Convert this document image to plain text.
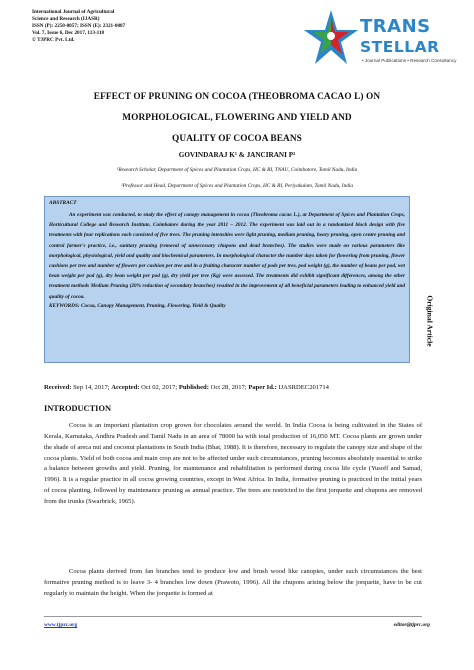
International Journal of Agricultural
Science and Research (IJASR)
ISSN (P): 2250-0057; ISSN (E): 2321-0087
Vol. 7, Issue 6, Dec 2017, 113-118
© TJPRC Pvt. Ltd.
TRANS
STELLAR
• Journal Publications • Research Consultancy
EFFECT OF PRUNING ON COCOA (THEOBROMA CACAO L) ON
MORPHOLOGICAL, FLOWERING AND YIELD AND
QUALITY OF COCOA BEANS
GOVINDARAJ K¹ & JANCIRANI P²
¹Research Scholar, Department of Spices and Plantation Crops, HC & RI, TNAU, Coimbatore, Tamil Nadu, India
²Professor and Head, Department of Spices and Plantation Crops, HC & RI, Periyakulam, Tamil Nadu, India
ABSTRACT
An experiment was conducted, to study the effect of canopy management in cocoa (Theobroma cacao L.), at Department of Spices and Plantation Crops, Horticultural College and Research Institute, Coimbatore during the year 2011 – 2012. The experiment was laid out in a randomized block design with five treatments with four replications each consisted of five trees. The pruning intensities were light pruning, medium pruning, heavy pruning, open centre pruning and control farmer's practice, i.e., sanitary pruning (removal of unnecessary chupons and dead branches). The studies were made on various parameters like morphological, physiological, yield and quality and biochemical parameters. In morphological character the number days taken for flowering from pruning, flower cushions per tree and number of flowers per cushion per tree and in a fruiting character number of pods per tree, pod weight (g), the number of beans per pod, wet bean weight per pod (g), dry bean weight per pod (g), dry yield per tree (Kg) were assessed. The treatments did exhibit significant differences, among the other treatment methods Medium Pruning (20% reduction of secondary branches) resulted in the improvement of all beneficial parameters leading to enhanced yield and quality of cocoa.
KEYWORDS: Cocoa, Canopy Management, Pruning, Flowering, Yield & Quality	Original Article
Received: Sep 14, 2017; Accepted: Oct 02, 2017; Published: Oct 28, 2017; Paper Id.: IJASRDEC201714
INTRODUCTION

Cocoa is an important plantation crop grown for chocolates around the world. In India Cocoa is being cultivated in the States of Kerala, Karnataka, Andhra Pradesh and Tamil Nadu in an area of 78000 ha with total production of 16,050 MT. Cocoa plants are grown under the shade of areca nut and coconut plantations in South India (Bhat, 1988). It is therefore, necessary to regulate the canopy size and shape of the cocoa plants. Yield of both cocoa and main crop are not to be affected under such circumstances, pruning becomes absolutely essential to strike a balance between growths and yield. Pruning, for maintenance and rehabilitation is performed during cocoa life cycle (Yusoff and Samad, 1996). It is a regular practice in all cocoa growing countries, except in West Africa. In India, formative pruning is practiced in the initial years of cocoa planting, followed by maintenance pruning as annual practice. The trees are restricted to the first jorquette and chupons are removed from the trunks (Swarbrick, 1965).

Cocoa plants derived from fan branches tend to produce low and brush wood like canopies, under such circumstances the best formative pruning method is to leave 3- 4 branches low down (Prawoto, 1996). All the chupons arising below the jorquette, have to be cut regularly to maintain the height. When the jorquette is formed at

www.tjprc.org	editor@tjprc.org
